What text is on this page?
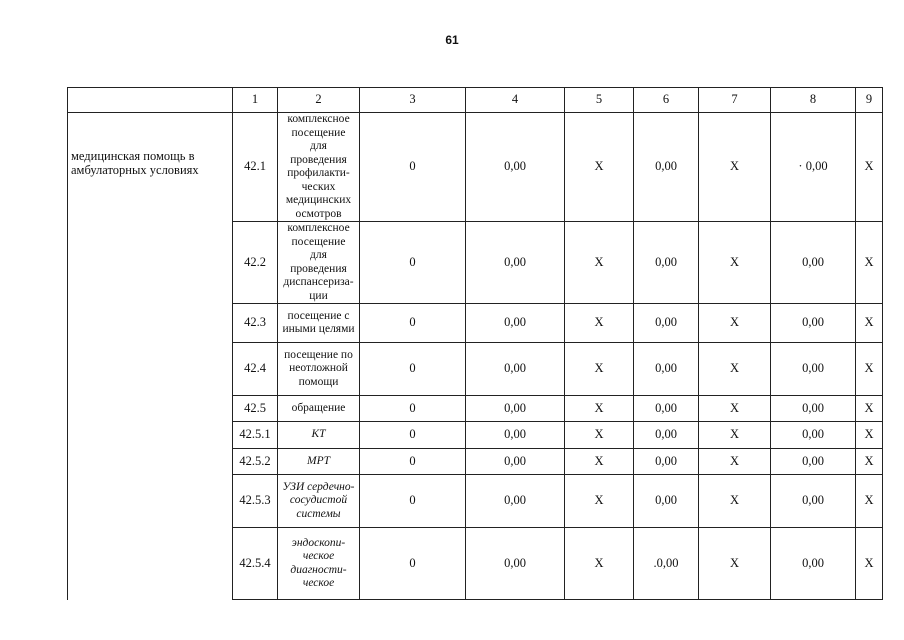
61
	1	2	3	4	5	6	7	8	9
медицинская помощь в амбулаторных условиях	42.1	комплексное посещение для проведения профилакти-ческих медицинских осмотров	0	0,00	X	0,00	X	· 0,00	X
	42.2	комплексное посещение для проведения диспансериза-ции	0	0,00	X	0,00	X	0,00	X
	42.3	посещение с иными целями	0	0,00	X	0,00	X	0,00	X
	42.4	посещение по неотложной помощи	0	0,00	X	0,00	X	0,00	X
	42.5	обращение	0	0,00	X	0,00	X	0,00	X
	42.5.1	КТ	0	0,00	X	0,00	X	0,00	X
	42.5.2	МРТ	0	0,00	X	0,00	X	0,00	X
	42.5.3	УЗИ сердечно-сосудистой системы	0	0,00	X	0,00	X	0,00	X
	42.5.4	эндоскопи-ческое диагности-ческое	0	0,00	X	.0,00	X	0,00	X
